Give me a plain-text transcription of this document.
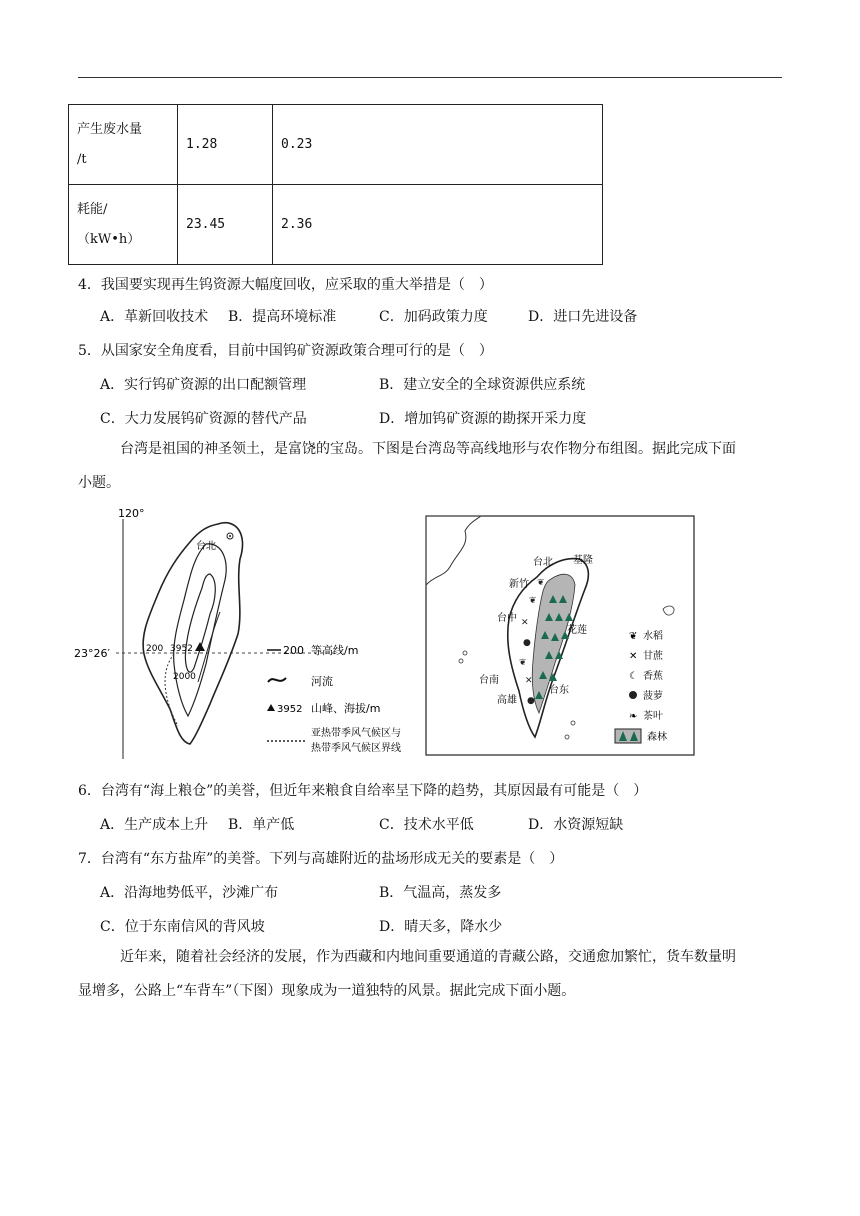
产生废水量
/t	1.28	0.23

耗能/
（kW•h）	23.45	2.36
4．我国要实现再生钨资源大幅度回收，应采取的重大举措是（　）
A．革新回收技术 B．提高环境标准	C．加码政策力度	D．进口先进设备
5．从国家安全角度看，目前中国钨矿资源政策合理可行的是（　）
A．实行钨矿资源的出口配额管理	B．建立安全的全球资源供应系统
C．大力发展钨矿资源的替代产品	D．增加钨矿资源的勘探开采力度
台湾是祖国的神圣领土，是富饶的宝岛。下图是台湾岛等高线地形与农作物分布组图。据此完成下面
小题。
120°
23°26′
台北
200 3952
2000
200 等高线/m
河流
3952 山峰、海拔/m
亚热带季风气候区与
热带季风气候区界线
❦
✕
●
❦
✕
●
❦
台北 基隆
新竹
台中
花莲
台南
台东
高雄
❦ 水稻
✕ 甘蔗
☾ 香蕉
菠萝
❧ 茶叶
森林
6．台湾有“海上粮仓”的美誉，但近年来粮食自给率呈下降的趋势，其原因最有可能是（　）
A．生产成本上升 B．单产低	C．技术水平低	D．水资源短缺
7．台湾有“东方盐库”的美誉。下列与高雄附近的盐场形成无关的要素是（　）
A．沿海地势低平，沙滩广布	B．气温高，蒸发多
C．位于东南信风的背风坡	D．晴天多，降水少
近年来，随着社会经济的发展，作为西藏和内地间重要通道的青藏公路，交通愈加繁忙，货车数量明
显增多，公路上“车背车”（下图）现象成为一道独特的风景。据此完成下面小题。
